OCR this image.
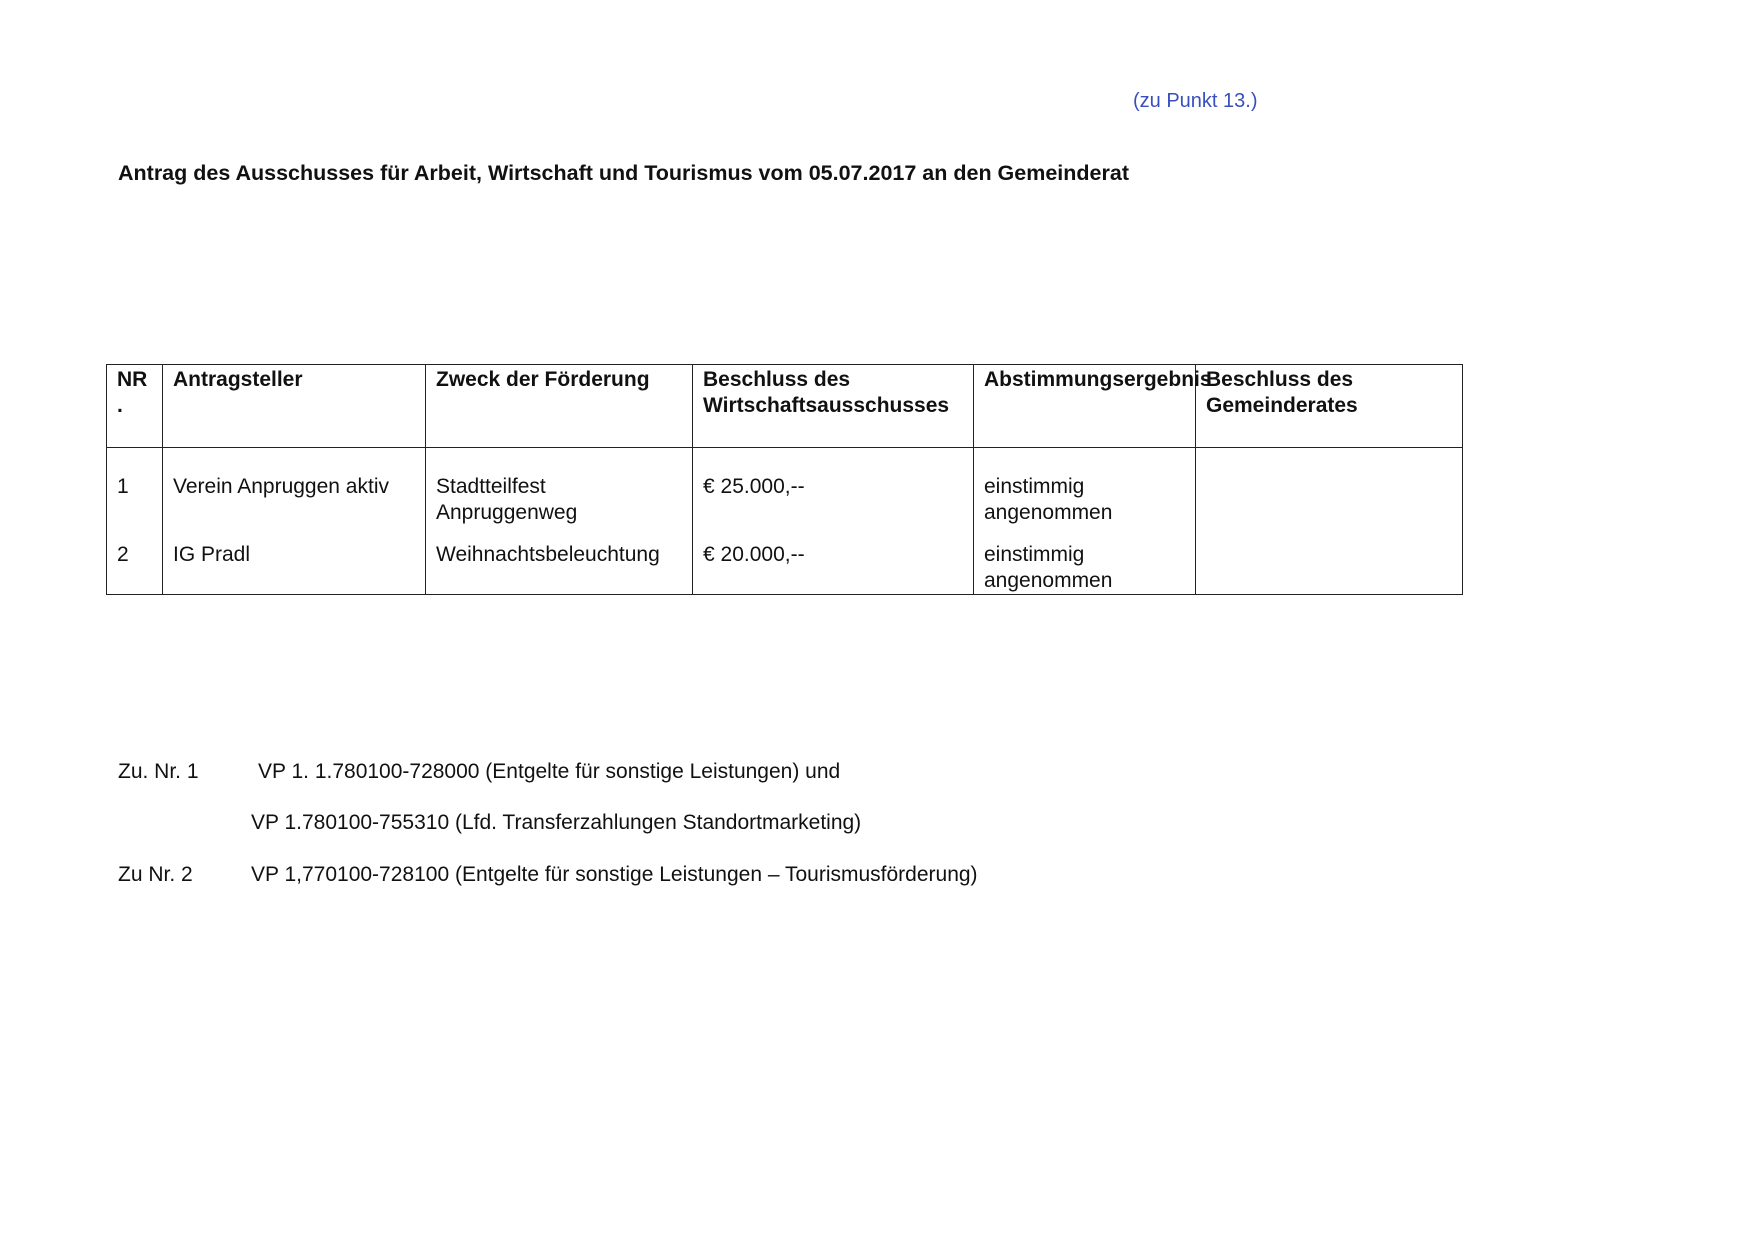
(zu Punkt 13.)
Antrag des Ausschusses für Arbeit, Wirtschaft und Tourismus vom 05.07.2017 an den Gemeinderat
NR .	Antragsteller	Zweck der Förderung	Beschluss des Wirtschaftsausschusses	Abstimmungsergebnis	Beschluss des Gemeinderates
1	Verein Anpruggen aktiv	Stadtteilfest Anpruggenweg	€ 25.000,--	einstimmig angenommen	
2	IG Pradl	Weihnachtsbeleuchtung	€ 20.000,--	einstimmig angenommen	
Zu. Nr. 1	VP 1. 1.780100-728000 (Entgelte für sonstige Leistungen) und
VP 1.780100-755310 (Lfd. Transferzahlungen Standortmarketing)
Zu Nr. 2	VP 1,770100-728100 (Entgelte für sonstige Leistungen – Tourismusförderung)
